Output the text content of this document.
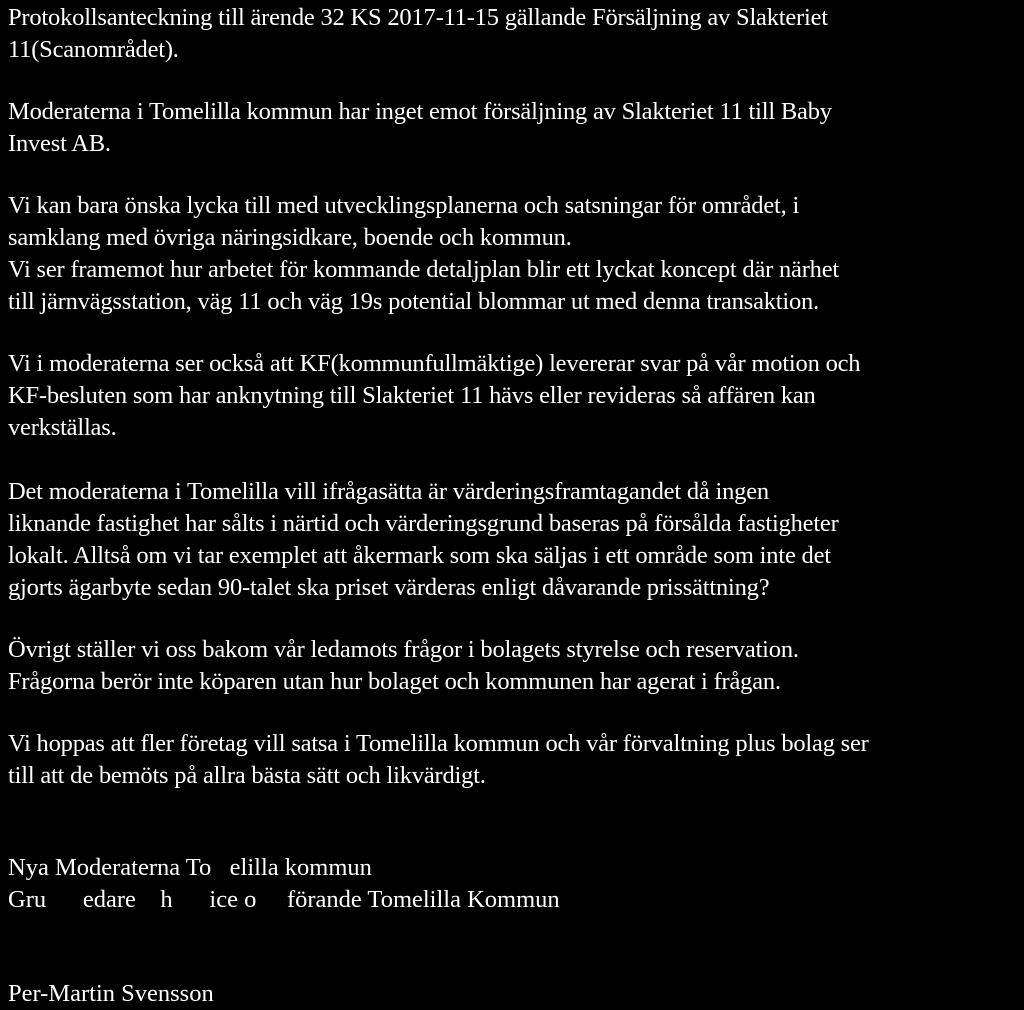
Protokollsanteckning till ärende 32 KS 2017-11-15 gällande Försäljning av Slakteriet
11(Scanområdet).
Moderaterna i Tomelilla kommun har inget emot försäljning av Slakteriet 11 till Baby
Invest AB.
Vi kan bara önska lycka till med utvecklingsplanerna och satsningar för området, i
samklang med övriga näringsidkare, boende och kommun.
Vi ser framemot hur arbetet för kommande detaljplan blir ett lyckat koncept där närhet
till järnvägsstation, väg 11 och väg 19s potential blommar ut med denna transaktion.
Vi i moderaterna ser också att KF(kommunfullmäktige) levererar svar på vår motion och
KF-besluten som har anknytning till Slakteriet 11 hävs eller revideras så affären kan
verkställas.
Det moderaterna i Tomelilla vill ifrågasätta är värderingsframtagandet då ingen
liknande fastighet har sålts i närtid och värderingsgrund baseras på försålda fastigheter
lokalt. Alltså om vi tar exemplet att åkermark som ska säljas i ett område som inte det
gjorts ägarbyte sedan 90-talet ska priset värderas enligt dåvarande prissättning?
Övrigt ställer vi oss bakom vår ledamots frågor i bolagets styrelse och reservation.
Frågorna berör inte köparen utan hur bolaget och kommunen har agerat i frågan.
Vi hoppas att fler företag vill satsa i Tomelilla kommun och vår förvaltning plus bolag ser
till att de bemöts på allra bästa sätt och likvärdigt.
Nya Moderaterna To   elilla kommun
Gru      edare    h      ice o     förande Tomelilla Kommun
Per-Martin Svensson
